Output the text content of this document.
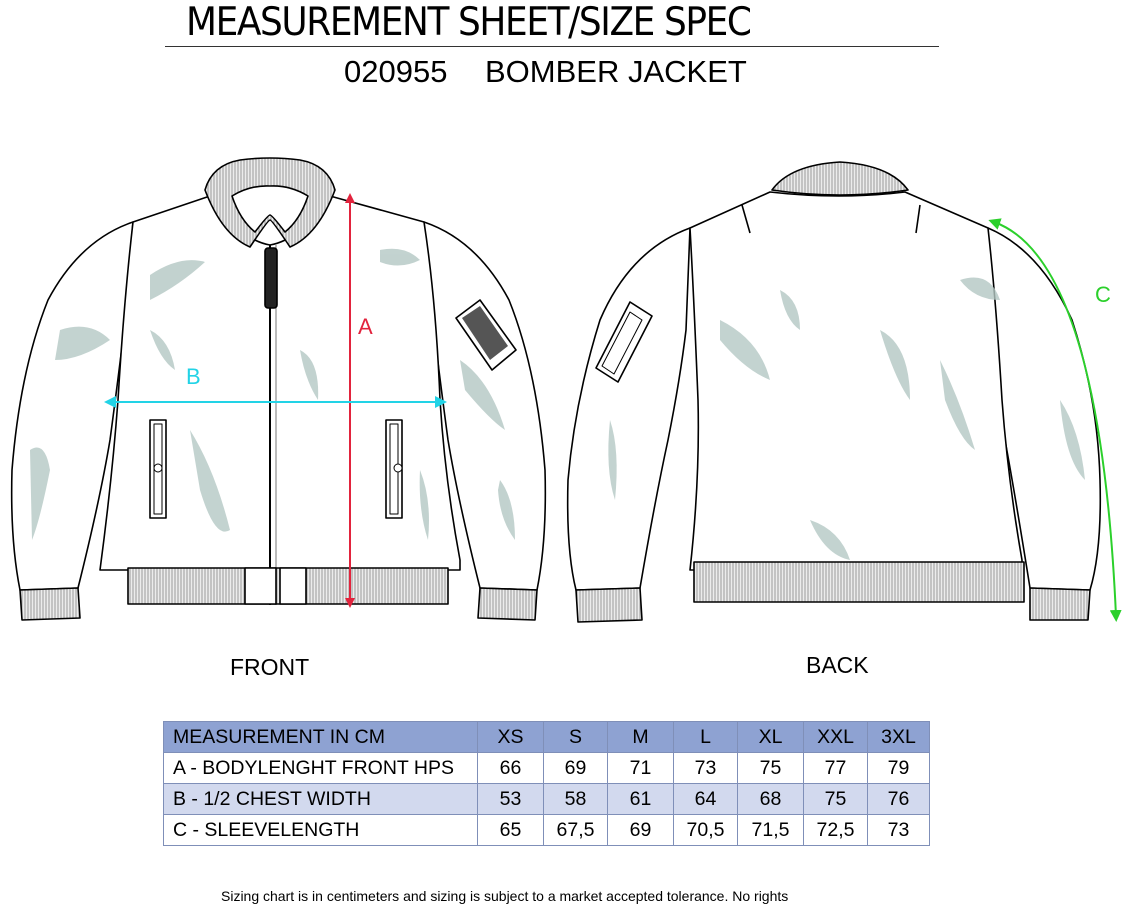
MEASUREMENT SHEET/SIZE SPEC
020955 BOMBER JACKET
A
B
C
FRONT	BACK
MEASUREMENT IN CM	XS	S	M	L	XL	XXL	3XL
A - BODYLENGHT FRONT HPS	66	69	71	73	75	77	79
B - 1/2 CHEST WIDTH	53	58	61	64	68	75	76
C - SLEEVELENGTH	65	67,5	69	70,5	71,5	72,5	73
Sizing chart is in centimeters and sizing is subject to a market accepted tolerance. No rights
